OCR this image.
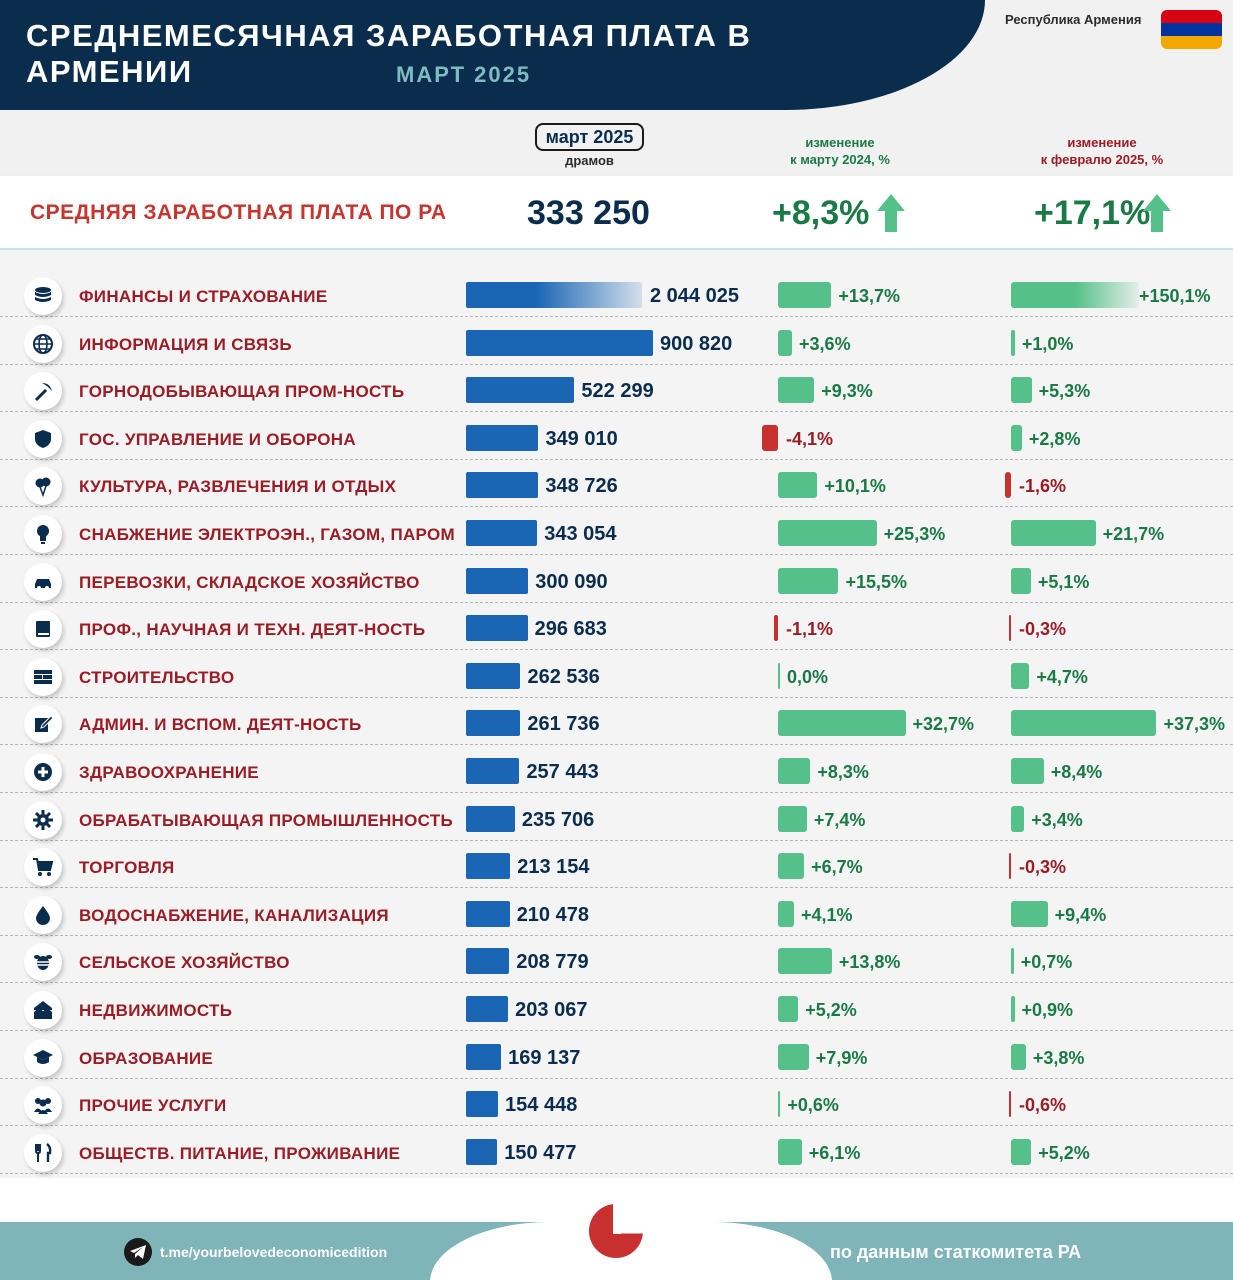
СРЕДНЕМЕСЯЧНАЯ ЗАРАБОТНАЯ ПЛАТА В АРМЕНИИ	МАРТ 2025
Республика Армения
март 2025
драмов
изменение
к марту 2024, %
изменение
к февралю 2025, %
СРЕДНЯЯ ЗАРАБОТНАЯ ПЛАТА ПО РА 333 250	+8,3%	+17,1%
ФИНАНСЫ И СТРАХОВАНИЕ	2 044 025	+13,7%	+150,1%
ИНФОРМАЦИЯ И СВЯЗЬ	900 820	+3,6%	+1,0%
ГОРНОДОБЫВАЮЩАЯ ПРОМ-НОСТЬ	522 299	+9,3%	+5,3%
ГОС. УПРАВЛЕНИЕ И ОБОРОНА	349 010	-4,1%	+2,8%
КУЛЬТУРА, РАЗВЛЕЧЕНИЯ И ОТДЫХ	348 726	+10,1%	-1,6%
СНАБЖЕНИЕ ЭЛЕКТРОЭН., ГАЗОМ, ПАРОМ	343 054	+25,3%	+21,7%
ПЕРЕВОЗКИ, СКЛАДСКОЕ ХОЗЯЙСТВО	300 090	+15,5%	+5,1%
ПРОФ., НАУЧНАЯ И ТЕХН. ДЕЯТ-НОСТЬ	296 683	-1,1%	-0,3%
СТРОИТЕЛЬСТВО	262 536	0,0%	+4,7%
АДМИН. И ВСПОМ. ДЕЯТ-НОСТЬ	261 736	+32,7%	+37,3%
ЗДРАВООХРАНЕНИЕ	257 443	+8,3%	+8,4%
ОБРАБАТЫВАЮЩАЯ ПРОМЫШЛЕННОСТЬ	235 706	+7,4%	+3,4%
ТОРГОВЛЯ	213 154	+6,7%	-0,3%
ВОДОСНАБЖЕНИЕ, КАНАЛИЗАЦИЯ	210 478	+4,1%	+9,4%
СЕЛЬСКОЕ ХОЗЯЙСТВО	208 779	+13,8%	+0,7%
НЕДВИЖИМОСТЬ	203 067	+5,2%	+0,9%
ОБРАЗОВАНИЕ	169 137	+7,9%	+3,8%
ПРОЧИЕ УСЛУГИ	154 448	+0,6%	-0,6%
ОБЩЕСТВ. ПИТАНИЕ, ПРОЖИВАНИЕ	150 477	+6,1%	+5,2%
t.me/yourbelovedeconomicedition	по данным статкомитета РА
